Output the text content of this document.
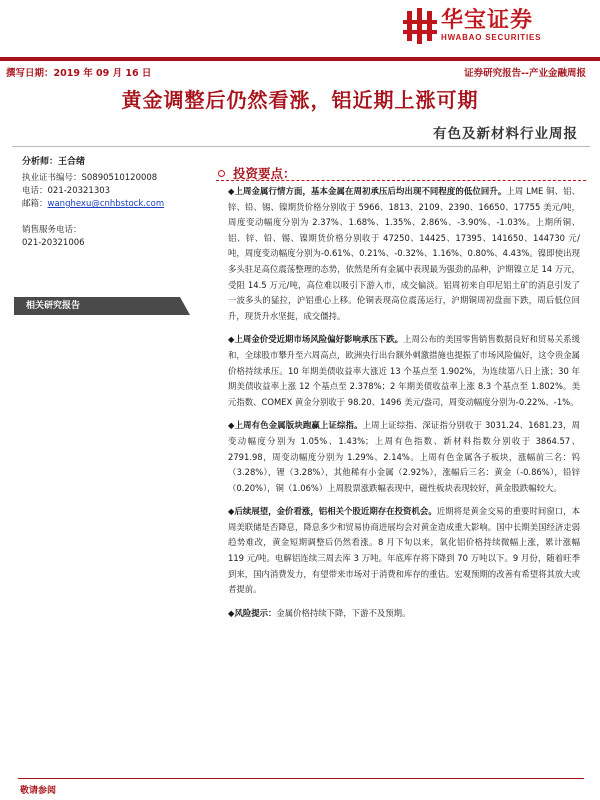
华宝证券
HWABAO SECURITIES
撰写日期：2019 年 09 月 16 日	证券研究报告--产业金融周报
黄金调整后仍然看涨，铝近期上涨可期
有色及新材料行业周报
分析师：王合绪
执业证书编号：S0890510120008
电话：021-20321303
邮箱：wanghexu@cnhbstock.com
销售服务电话：
021-20321006
相关研究报告
投资要点：

◆上周金属行情方面，基本金属在周初承压后均出现不同程度的低位回升。上周 LME 铜、铝、锌、铅、锡、镍期货价格分别收于 5966、1813、2109、2390、16650、17755 美元/吨，周度变动幅度分别为 2.37%、1.68%、1.35%、2.86%、-3.90%、-1.03%。上期所铜、铝、锌、铅、锡、镍期货价格分别收于 47250、14425、17395、141650、144730 元/吨，周度变动幅度分别为-0.61%、0.21%、-0.32%、1.16%、0.80%、4.43%。镍即使出现多头驻足高位震荡整理的态势，依然是所有金属中表现最为强劲的品种，沪期镍立足 14 万元，受阻 14.5 万元/吨，高位难以吸引下游入市，成交偏淡。铝周初来自印尼铝土矿的消息引发了一波多头的猛拉，沪铝重心上移。伦铜表现高位震荡运行，沪期铜周初盘面下跌，周后低位回升，现货升水坚挺，成交僵持。

◆上周金价受近期市场风险偏好影响承压下跌。上周公布的美国零售销售数据良好和贸易关系缓和，全球股市攀升至六周高点，欧洲央行出台额外刺激措施也提振了市场风险偏好，这令贵金属价格持续承压。10 年期美债收益率大涨近 13 个基点至 1.902%，为连续第八日上涨；30 年期美债收益率上涨 12 个基点至 2.378%；2 年期美债收益率上涨 8.3 个基点至 1.802%。美元指数、COMEX 黄金分别收于 98.20、1496 美元/盎司，周变动幅度分别为-0.22%、-1%。

◆上周有色金属版块跑赢上证综指。上周上证综指、深证指分别收于 3031.24、1681.23，周变动幅度分别为 1.05%、1.43%；上周有色指数、新材料指数分别收于 3864.57、2791.98，周变动幅度分别为 1.29%、2.14%。上周有色金属各子板块，涨幅前三名：钨（3.28%），锂（3.28%），其他稀有小金属（2.92%），涨幅后三名：黄金（-0.86%），铅锌（0.20%），铜（1.06%）上周股票涨跌幅表现中，磁性板块表现较好，黄金股跌幅较大。

◆后续展望，金价看涨，铝相关个股近期存在投资机会。近期将是黄金交易的重要时间窗口，本周美联储是否降息，降息多少和贸易协商进展均会对黄金造成重大影响。国中长期美国经济走弱趋势难改，黄金短期调整后仍然看涨。8 月下旬以来，氧化铝价格持续微幅上涨，累计涨幅 119 元/吨。电解铝连续三周去库 3 万吨。年底库存将下降到 70 万吨以下。9 月份，随着旺季到来，国内消费发力，有望带来市场对于消费和库存的重估。宏观预期的改善有希望将其放大或者提前。

◆风险提示：金属价格持续下降，下游不及预期。

敬请参阅
